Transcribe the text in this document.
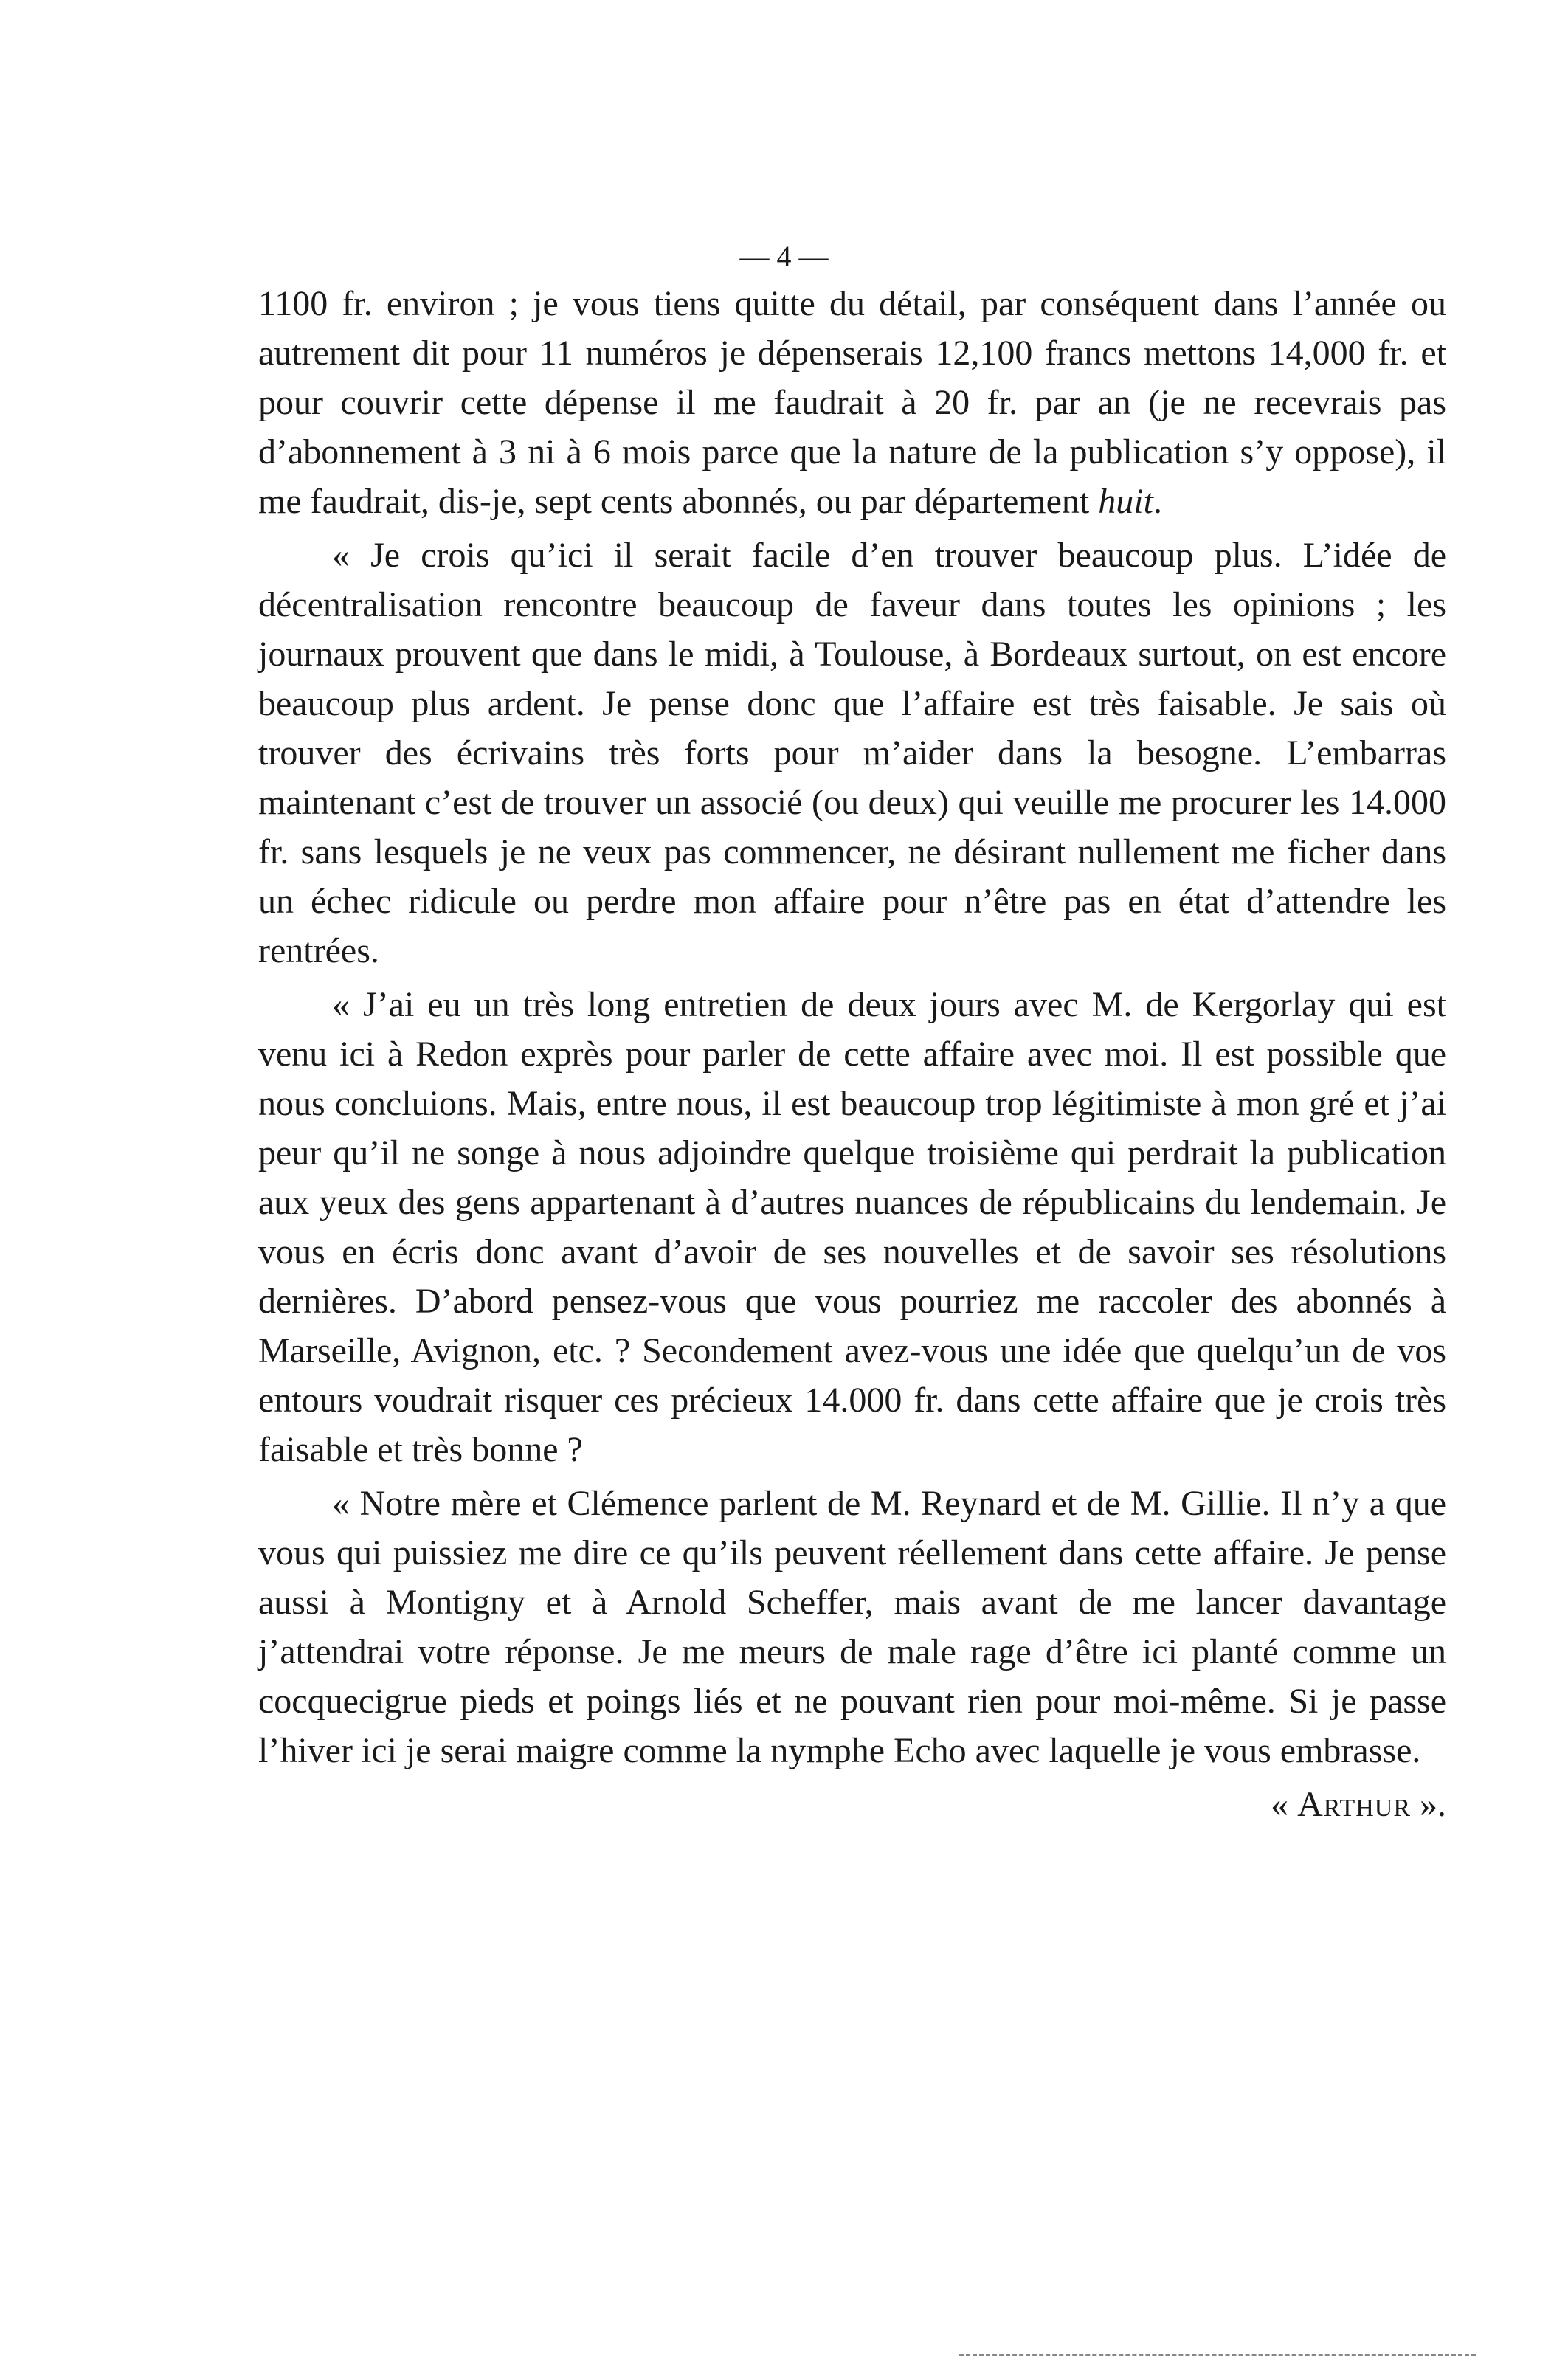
— 4 —

1100 fr. environ ; je vous tiens quitte du détail, par conséquent dans l’année ou autrement dit pour 11 numéros je dépenserais 12,100 francs mettons 14,000 fr. et pour couvrir cette dépense il me faudrait à 20 fr. par an (je ne recevrais pas d’abonnement à 3 ni à 6 mois parce que la nature de la publication s’y oppose), il me faudrait, dis-je, sept cents abonnés, ou par département huit.

« Je crois qu’ici il serait facile d’en trouver beaucoup plus. L’idée de décentralisation rencontre beaucoup de faveur dans toutes les opinions ; les journaux prouvent que dans le midi, à Toulouse, à Bordeaux surtout, on est encore beaucoup plus ardent. Je pense donc que l’affaire est très faisable. Je sais où trouver des écrivains très forts pour m’aider dans la besogne. L’embarras maintenant c’est de trouver un associé (ou deux) qui veuille me procurer les 14.000 fr. sans lesquels je ne veux pas commencer, ne désirant nullement me ficher dans un échec ridicule ou perdre mon affaire pour n’être pas en état d’attendre les rentrées.

« J’ai eu un très long entretien de deux jours avec M. de Kergorlay qui est venu ici à Redon exprès pour parler de cette affaire avec moi. Il est possible que nous concluions. Mais, entre nous, il est beaucoup trop légitimiste à mon gré et j’ai peur qu’il ne songe à nous adjoindre quelque troisième qui perdrait la publication aux yeux des gens appartenant à d’autres nuances de républicains du lendemain. Je vous en écris donc avant d’avoir de ses nouvelles et de savoir ses résolutions dernières. D’abord pensez-vous que vous pourriez me raccoler des abonnés à Marseille, Avignon, etc. ? Secondement avez-vous une idée que quelqu’un de vos entours voudrait risquer ces précieux 14.000 fr. dans cette affaire que je crois très faisable et très bonne ?

« Notre mère et Clémence parlent de M. Reynard et de M. Gillie. Il n’y a que vous qui puissiez me dire ce qu’ils peuvent réellement dans cette affaire. Je pense aussi à Montigny et à Arnold Scheffer, mais avant de me lancer davantage j’attendrai votre réponse. Je me meurs de male rage d’être ici planté comme un cocquecigrue pieds et poings liés et ne pouvant rien pour moi-même. Si je passe l’hiver ici je serai maigre comme la nymphe Echo avec laquelle je vous embrasse.

« Arthur ».
